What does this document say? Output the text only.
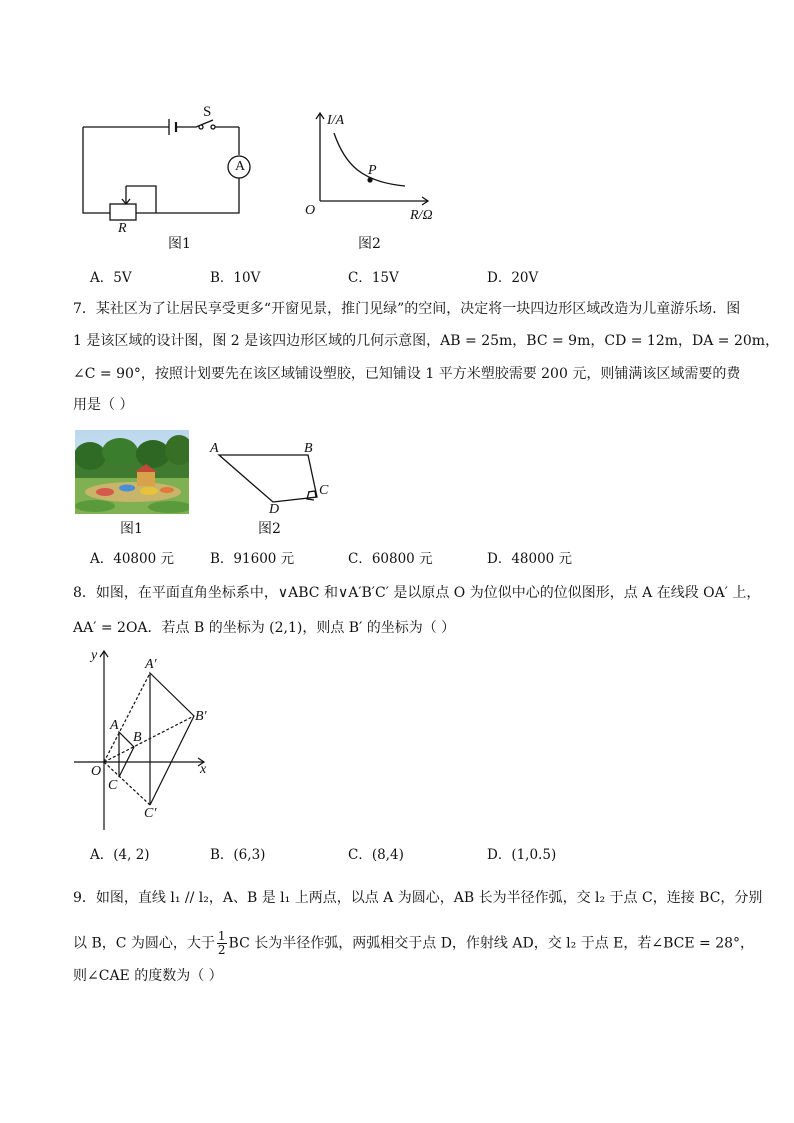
S
A
R
图1
I/A
O	R/Ω
P
图2
A．5V	B．10V	C．15V	D．20V
7．某社区为了让居民享受更多“开窗见景，推门见绿”的空间，决定将一块四边形区域改造为儿童游乐场．图
1 是该区域的设计图，图 2 是该四边形区域的几何示意图，AB = 25m，BC = 9m，CD = 12m，DA = 20m，
∠C = 90°，按照计划要先在该区域铺设塑胶，已知铺设 1 平方米塑胶需要 200 元，则铺满该区域需要的费
用是（ ）
图1
A	B
C
D
图2
A．40800 元	B．91600 元	C．60800 元	D．48000 元
8．如图，在平面直角坐标系中，∨ABC 和∨A′B′C′ 是以原点 O 为位似中心的位似图形，点 A 在线段 OA′ 上，
AA′ = 2OA．若点 B 的坐标为 (2,1)，则点 B′ 的坐标为（ ）
y
x
O
A′
B′
C′
A
B
C
A．(4, 2)	B．(6,3)	C．(8,4)	D．(1,0.5)
9．如图，直线 l₁ // l₂，A、B 是 l₁ 上两点，以点 A 为圆心，AB 长为半径作弧，交 l₂ 于点 C，连接 BC，分别
以 B，C 为圆心，大于 $\frac{1}{2}$ BC 长为半径作弧，两弧相交于点 D，作射线 AD，交 l₂ 于点 E，若∠BCE = 28°，
则∠CAE 的度数为（ ）
